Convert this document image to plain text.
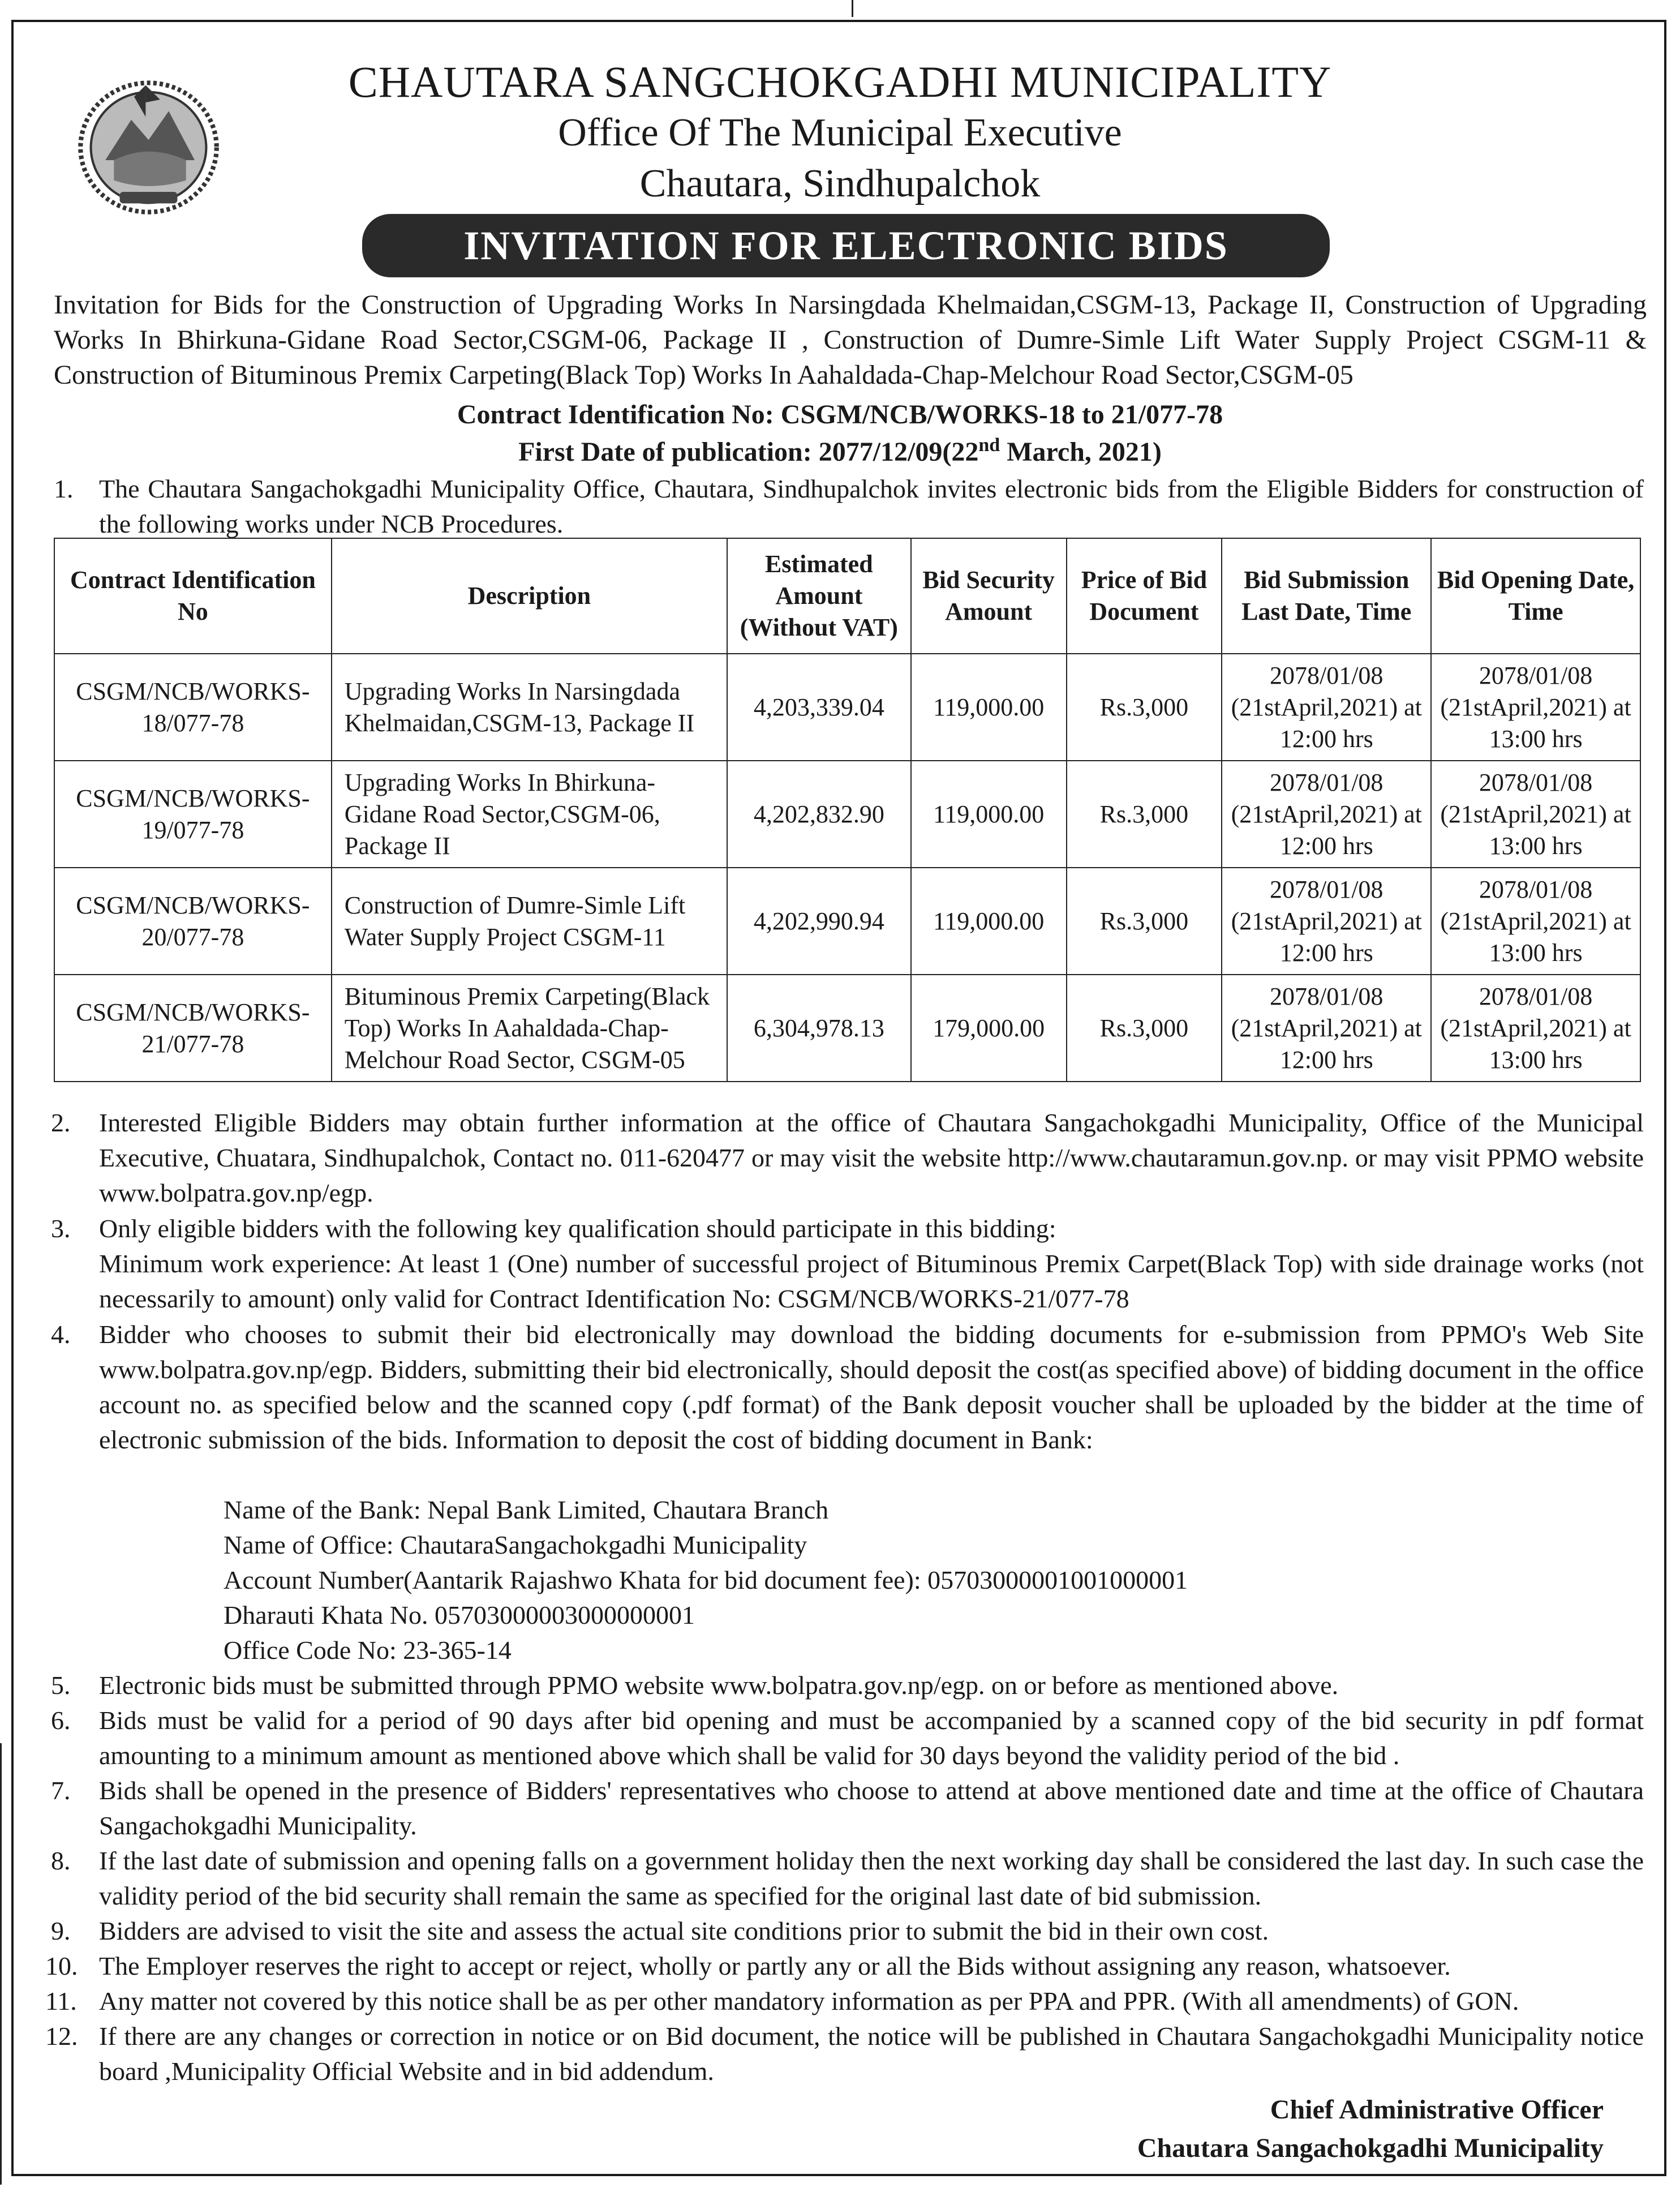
CHAUTARA SANGCHOKGADHI MUNICIPALITY
Office Of The Municipal Executive
Chautara, Sindhupalchok
INVITATION FOR ELECTRONIC BIDS
Invitation for Bids for the Construction of Upgrading Works In Narsingdada Khelmaidan,CSGM-13, Package II, Construction of Upgrading Works In Bhirkuna-Gidane Road Sector,CSGM-06, Package II , Construction of Dumre-Simle Lift Water Supply Project CSGM-11 & Construction of Bituminous Premix Carpeting(Black Top) Works In Aahaldada-Chap-Melchour Road Sector,CSGM-05
Contract Identification No: CSGM/NCB/WORKS-18 to 21/077-78
First Date of publication: 2077/12/09(22nd March, 2021)
1. The Chautara Sangachokgadhi Municipality Office, Chautara, Sindhupalchok invites electronic bids from the Eligible Bidders for construction of the following works under NCB Procedures.
Contract Identification No	Description	Estimated Amount (Without VAT)	Bid Security Amount	Price of Bid Document	Bid Submission Last Date, Time	Bid Opening Date, Time
CSGM/NCB/WORKS-18/077-78	Upgrading Works In Narsingdada Khelmaidan,CSGM-13, Package II	4,203,339.04	119,000.00	Rs.3,000	2078/01/08 (21stApril,2021) at 12:00 hrs	2078/01/08 (21stApril,2021) at 13:00 hrs
CSGM/NCB/WORKS-19/077-78	Upgrading Works In Bhirkuna-Gidane Road Sector,CSGM-06, Package II	4,202,832.90	119,000.00	Rs.3,000	2078/01/08 (21stApril,2021) at 12:00 hrs	2078/01/08 (21stApril,2021) at 13:00 hrs
CSGM/NCB/WORKS-20/077-78	Construction of Dumre-Simle Lift Water Supply Project CSGM-11	4,202,990.94	119,000.00	Rs.3,000	2078/01/08 (21stApril,2021) at 12:00 hrs	2078/01/08 (21stApril,2021) at 13:00 hrs
CSGM/NCB/WORKS-21/077-78	Bituminous Premix Carpeting(Black Top) Works In Aahaldada-Chap-Melchour Road Sector, CSGM-05	6,304,978.13	179,000.00	Rs.3,000	2078/01/08 (21stApril,2021) at 12:00 hrs	2078/01/08 (21stApril,2021) at 13:00 hrs
2. Interested Eligible Bidders may obtain further information at the office of Chautara Sangachokgadhi Municipality, Office of the Municipal Executive, Chuatara, Sindhupalchok, Contact no. 011-620477 or may visit the website http://www.chautaramun.gov.np. or may visit PPMO website www.bolpatra.gov.np/egp.
3. Only eligible bidders with the following key qualification should participate in this bidding:
Minimum work experience: At least 1 (One) number of successful project of Bituminous Premix Carpet(Black Top) with side drainage works (not necessarily to amount) only valid for Contract Identification No: CSGM/NCB/WORKS-21/077-78
4. Bidder who chooses to submit their bid electronically may download the bidding documents for e-submission from PPMO's Web Site www.bolpatra.gov.np/egp. Bidders, submitting their bid electronically, should deposit the cost(as specified above) of bidding document in the office account no. as specified below and the scanned copy (.pdf format) of the Bank deposit voucher shall be uploaded by the bidder at the time of electronic submission of the bids. Information to deposit the cost of bidding document in Bank:
Name of the Bank: Nepal Bank Limited, Chautara Branch
Name of Office: ChautaraSangachokgadhi Municipality
Account Number(Aantarik Rajashwo Khata for bid document fee): 05703000001001000001
Dharauti Khata No. 05703000003000000001
Office Code No: 23-365-14
5. Electronic bids must be submitted through PPMO website www.bolpatra.gov.np/egp. on or before as mentioned above.
6. Bids must be valid for a period of 90 days after bid opening and must be accompanied by a scanned copy of the bid security in pdf format amounting to a minimum amount as mentioned above which shall be valid for 30 days beyond the validity period of the bid .
7. Bids shall be opened in the presence of Bidders' representatives who choose to attend at above mentioned date and time at the office of Chautara Sangachokgadhi Municipality.
8. If the last date of submission and opening falls on a government holiday then the next working day shall be considered the last day. In such case the validity period of the bid security shall remain the same as specified for the original last date of bid submission.
9. Bidders are advised to visit the site and assess the actual site conditions prior to submit the bid in their own cost.
10. The Employer reserves the right to accept or reject, wholly or partly any or all the Bids without assigning any reason, whatsoever.
11. Any matter not covered by this notice shall be as per other mandatory information as per PPA and PPR. (With all amendments) of GON.
12. If there are any changes or correction in notice or on Bid document, the notice will be published in Chautara Sangachokgadhi Municipality notice board ,Municipality Official Website and in bid addendum.
Chief Administrative Officer
Chautara Sangachokgadhi Municipality
